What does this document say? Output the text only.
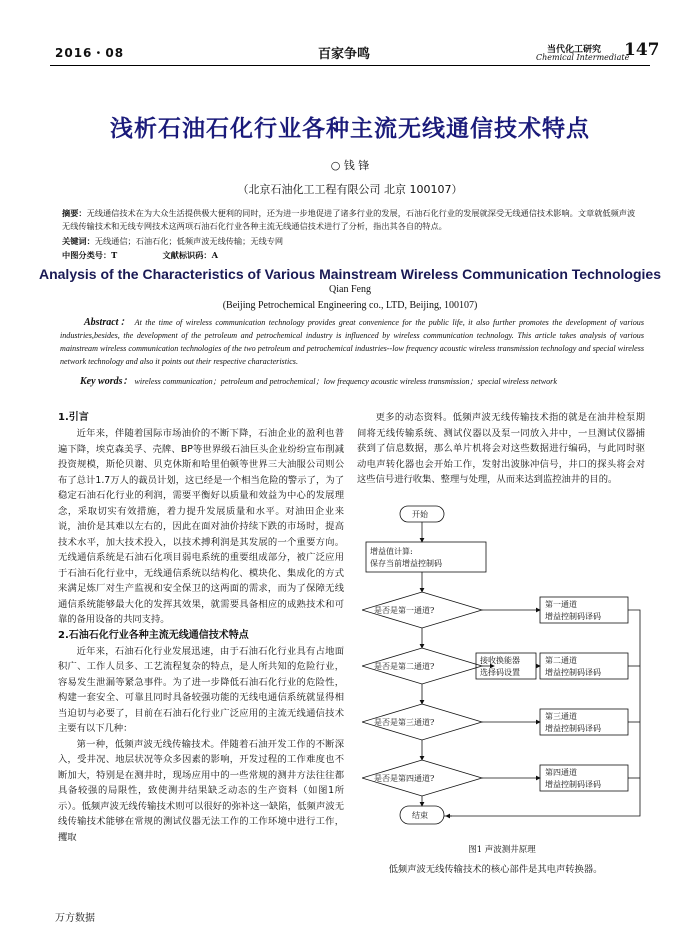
2016・08	百家争鸣	当代化工研究
Chemical Intermediate
147
浅析石油石化行业各种主流无线通信技术特点
○ 钱 锋
（北京石油化工工程有限公司 北京 100107）
摘要：无线通信技术在为大众生活提供极大便利的同时，还为进一步地促进了诸多行业的发展，石油石化行业的发展就深受无线通信技术影响。文章就低频声波无线传输技术和无线专网技术这两项石油石化行业各种主流无线通信技术进行了分析，指出其各自的特点。
关键词：无线通信；石油石化；低频声波无线传输；无线专网
中图分类号：T	文献标识码：A
Analysis of the Characteristics of Various Mainstream Wireless Communication Technologies
Qian Feng
(Beijing Petrochemical Engineering co., LTD, Beijing, 100107)
Abstract： At the time of wireless communication technology provides great convenience for the public life, it also further promotes the development of various industries,besides, the development of the petroleum and petrochemical industry is influenced by wireless communication technology. This article takes analysis of various mainstream wireless communication technologies of the two petroleum and petrochemical industries--low frequency acoustic wireless transmission technology and special wireless network technology and also it points out their respective characteristics.
Key words： wireless communication；petroleum and petrochemical；low frequency acoustic wireless transmission；special wireless network
1.引言

近年来，伴随着国际市场油价的不断下降，石油企业的盈利也普遍下降，埃克森美孚、壳牌、BP等世界级石油巨头企业纷纷宣布削减投资规模，斯伦贝谢、贝克休斯和哈里伯顿等世界三大油服公司则公布了总计1.7万人的裁员计划，这已经是一个相当危险的警示了，为了稳定石油石化行业的利润，需要平衡好以质量和效益为中心的发展理念，采取切实有效措施，着力提升发展质量和水平。对油田企业来说，油价是其难以左右的，因此在面对油价持续下跌的市场时，提高技术水平，加大技术投入，以技术搏利润是其发展的一个重要方向。无线通信系统是石油石化项目弱电系统的重要组成部分，被广泛应用于石油石化行业中，无线通信系统以结构化、模块化、集成化的方式来满足炼厂对生产监视和安全保卫的这两面的需求，而为了保障无线通信系统能够最大化的发挥其效果，就需要具备相应的成熟技术和可靠的备用设备的共同支持。

2.石油石化行业各种主流无线通信技术特点

近年来，石油石化行业发展迅速，由于石油石化行业具有占地面积广、工作人员多、工艺流程复杂的特点，是人所共知的危险行业，容易发生泄漏等紧急事件。为了进一步降低石油石化行业的危险性，构建一套安全、可靠且同时具备较强功能的无线电通信系统就显得相当迫切与必要了，目前在石油石化行业广泛应用的主流无线通信技术主要有以下几种：

第一种，低频声波无线传输技术。伴随着石油开发工作的不断深入，受井况、地层状况等众多因素的影响，开发过程的工作难度也不断加大，特别是在测井时，现场应用中的一些常规的测井方法往往都具备较强的局限性，致使测井结果缺乏动态的生产资料（如图1所示）。低频声波无线传输技术则可以很好的弥补这一缺陷，低频声波无线传输技术能够在常规的测试仪器无法工作的工作环境中进行工作，攫取

更多的动态资料。低频声波无线传输技术指的就是在油井检泵期间将无线传输系统、测试仪器以及泵一同放入井中，一旦测试仪器捕获到了信息数据，那么单片机将会对这些数据进行编码，与此同时驱动电声转化器也会开始工作，发射出波脉冲信号，井口的探头将会对这些信号进行收集、整理与处理，从而来达到监控油井的目的。

开始
增益值计算:
保存当前增益控制码
是否是第一通道?
是否是第二通道?
是否是第三通道?
是否是第四通道?
接收换能器
选择码设置
第一通道
增益控制码译码
第二通道
增益控制码译码
第三通道
增益控制码译码
第四通道
增益控制码译码
结束
图1 声波测井原理
低频声波无线传输技术的核心部件是其电声转换器。
万方数据
